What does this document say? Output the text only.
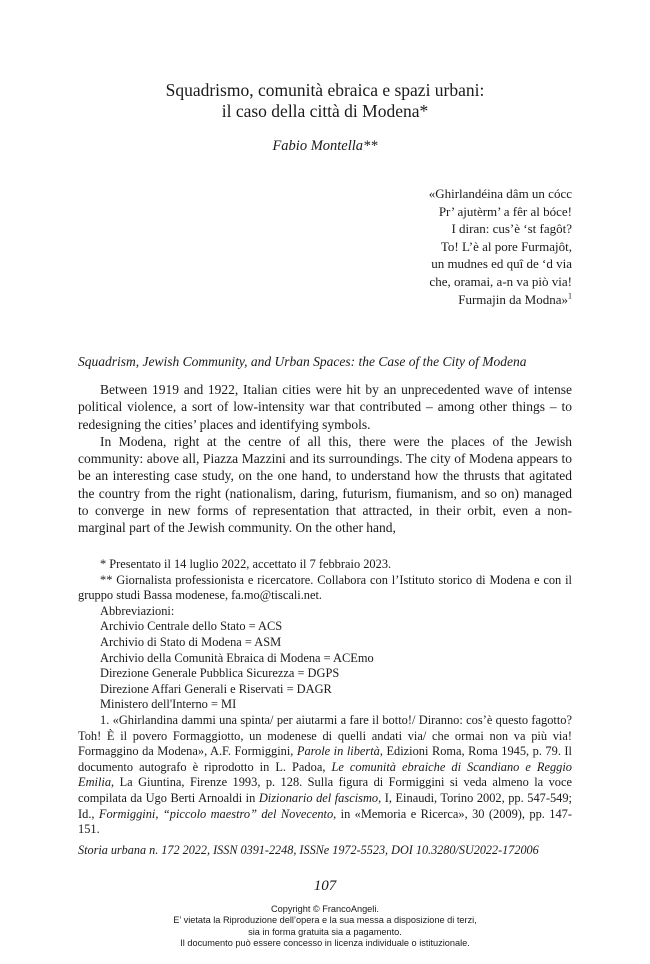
Squadrismo, comunità ebraica e spazi urbani:
il caso della città di Modena*
Fabio Montella**
«Ghirlandéina dâm un cócc
Pr’ ajutèrm’ a fêr al bóce!
I diran: cus’è ‘st fagôt?
To! L’è al pore Furmajôt,
un mudnes ed quî de ‘d via
che, oramai, a-n va piò via!
Furmajin da Modna»$^1$
Squadrism, Jewish Community, and Urban Spaces: the Case of the City of Modena

Between 1919 and 1922, Italian cities were hit by an unprecedented wave of intense political violence, a sort of low-intensity war that contributed – among other things – to redesigning the cities’ places and identifying symbols.

In Modena, right at the centre of all this, there were the places of the Jewish community: above all, Piazza Mazzini and its surroundings. The city of Modena appears to be an interesting case study, on the one hand, to understand how the thrusts that agitated the country from the right (nationalism, daring, futurism, fiumanism, and so on) managed to converge in new forms of representation that attracted, in their orbit, even a non-marginal part of the Jewish community. On the other hand,

* Presentato il 14 luglio 2022, accettato il 7 febbraio 2023.

** Giornalista professionista e ricercatore. Collabora con l’Istituto storico di Modena e con il gruppo studi Bassa modenese, fa.mo@tiscali.net.

Abbreviazioni:

Archivio Centrale dello Stato = ACS

Archivio di Stato di Modena = ASM

Archivio della Comunità Ebraica di Modena = ACEmo

Direzione Generale Pubblica Sicurezza = DGPS

Direzione Affari Generali e Riservati = DAGR

Ministero dell'Interno = MI

1. «Ghirlandina dammi una spinta/ per aiutarmi a fare il botto!/ Diranno: cos’è questo fagotto? Toh! È il povero Formaggiotto, un modenese di quelli andati via/ che ormai non va più via! Formaggino da Modena», A.F. Formiggini, Parole in libertà, Edizioni Roma, Roma 1945, p. 79. Il documento autografo è riprodotto in L. Padoa, Le comunità ebraiche di Scandiano e Reggio Emilia, La Giuntina, Firenze 1993, p. 128. Sulla figura di Formiggini si veda almeno la voce compilata da Ugo Berti Arnoaldi in Dizionario del fascismo, I, Einaudi, Torino 2002, pp. 547-549; Id., Formiggini, “piccolo maestro” del Novecento, in «Memoria e Ricerca», 30 (2009), pp. 147-151.

Storia urbana n. 172 2022, ISSN 0391-2248, ISSNe 1972-5523, DOI 10.3280/SU2022-172006
107
Copyright © FrancoAngeli.
E’ vietata la Riproduzione dell’opera e la sua messa a disposizione di terzi,
sia in forma gratuita sia a pagamento.
Il documento può essere concesso in licenza individuale o istituzionale.
